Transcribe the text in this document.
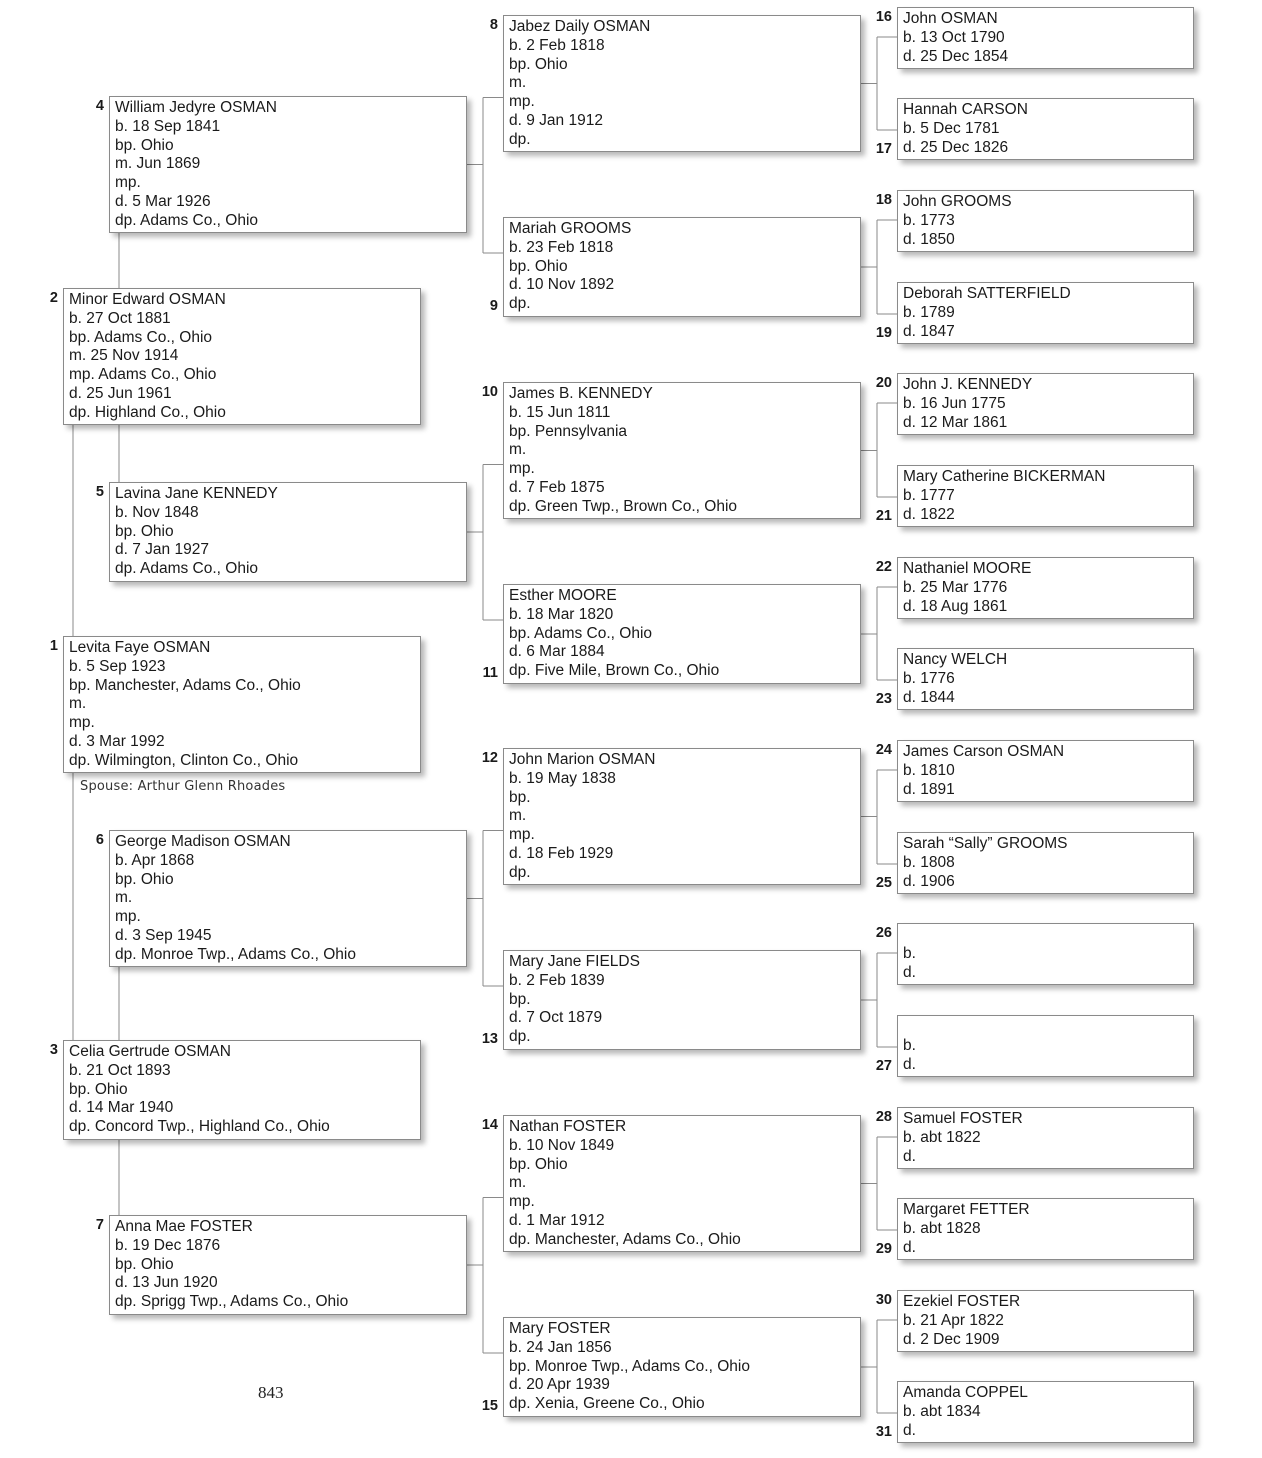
Levita Faye OSMAN
b. 5 Sep 1923
bp. Manchester, Adams Co., Ohio
m.
mp.
d. 3 Mar 1992
dp. Wilmington, Clinton Co., Ohio
1
Minor Edward OSMAN
b. 27 Oct 1881
bp. Adams Co., Ohio
m. 25 Nov 1914
mp. Adams Co., Ohio
d. 25 Jun 1961
dp. Highland Co., Ohio
2
Celia Gertrude OSMAN
b. 21 Oct 1893
bp. Ohio
d. 14 Mar 1940
dp. Concord Twp., Highland Co., Ohio
3
William Jedyre OSMAN
b. 18 Sep 1841
bp. Ohio
m. Jun 1869
mp.
d. 5 Mar 1926
dp. Adams Co., Ohio
4
Lavina Jane KENNEDY
b. Nov 1848
bp. Ohio
d. 7 Jan 1927
dp. Adams Co., Ohio
5
George Madison OSMAN
b. Apr 1868
bp. Ohio
m.
mp.
d. 3 Sep 1945
dp. Monroe Twp., Adams Co., Ohio
6
Anna Mae FOSTER
b. 19 Dec 1876
bp. Ohio
d. 13 Jun 1920
dp. Sprigg Twp., Adams Co., Ohio
7
Jabez Daily OSMAN
b. 2 Feb 1818
bp. Ohio
m.
mp.
d. 9 Jan 1912
dp.
8
Mariah GROOMS
b. 23 Feb 1818
bp. Ohio
d. 10 Nov 1892
dp.
9
James B. KENNEDY
b. 15 Jun 1811
bp. Pennsylvania
m.
mp.
d. 7 Feb 1875
dp. Green Twp., Brown Co., Ohio
10
Esther MOORE
b. 18 Mar 1820
bp. Adams Co., Ohio
d. 6 Mar 1884
dp. Five Mile, Brown Co., Ohio
11
John Marion OSMAN
b. 19 May 1838
bp.
m.
mp.
d. 18 Feb 1929
dp.
12
Mary Jane FIELDS
b. 2 Feb 1839
bp.
d. 7 Oct 1879
dp.
13
Nathan FOSTER
b. 10 Nov 1849
bp. Ohio
m.
mp.
d. 1 Mar 1912
dp. Manchester, Adams Co., Ohio
14
Mary FOSTER
b. 24 Jan 1856
bp. Monroe Twp., Adams Co., Ohio
d. 20 Apr 1939
dp. Xenia, Greene Co., Ohio
15
John OSMAN
b. 13 Oct 1790
d. 25 Dec 1854
16
Hannah CARSON
b. 5 Dec 1781
d. 25 Dec 1826
17
John GROOMS
b. 1773
d. 1850
18
Deborah SATTERFIELD
b. 1789
d. 1847
19
John J. KENNEDY
b. 16 Jun 1775
d. 12 Mar 1861
20
Mary Catherine BICKERMAN
b. 1777
d. 1822
21
Nathaniel MOORE
b. 25 Mar 1776
d. 18 Aug 1861
22
Nancy WELCH
b. 1776
d. 1844
23
James Carson OSMAN
b. 1810
d. 1891
24
Sarah “Sally” GROOMS
b. 1808
d. 1906
25

b.
d.
26

b.
d.
27
Samuel FOSTER
b. abt 1822
d.
28
Margaret FETTER
b. abt 1828
d.
29
Ezekiel FOSTER
b. 21 Apr 1822
d. 2 Dec 1909
30
Amanda COPPEL
b. abt 1834
d.
31
Spouse: Arthur Glenn Rhoades
843
